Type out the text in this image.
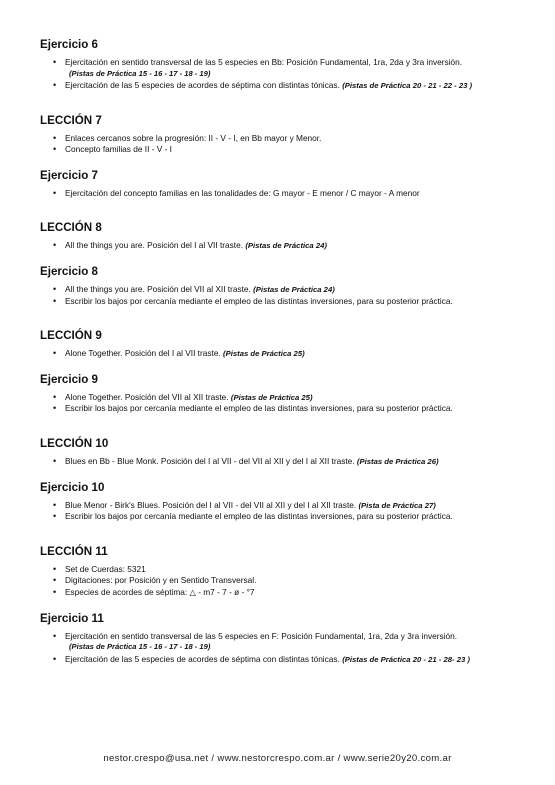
Ejercicio 6
• Ejercitación en sentido transversal de las 5 especies en Bb: Posición Fundamental, 1ra, 2da y 3ra inversión.
(Pistas de Práctica 15 - 16 - 17 - 18 - 19)
• Ejercitación de las 5 especies de acordes de séptima con distintas tónicas. (Pistas de Práctica 20 - 21 - 22 - 23 )
LECCIÓN 7
• Enlaces cercanos sobre la progresión: II - V - I, en Bb mayor y Menor.
• Concepto familias de II - V - I
Ejercicio 7
• Ejercitación del concepto familias en las tonalidades de: G mayor - E menor / C mayor - A menor
LECCIÓN 8
• All the things you are. Posición del I al VII traste. (Pistas de Práctica 24)
Ejercicio 8
• All the things you are. Posición del VII al XII traste. (Pistas de Práctica 24)
• Escribir los bajos por cercanía mediante el empleo de las distintas inversiones, para su posterior práctica.
LECCIÓN 9
• Alone Together. Posición del I al VII traste. (Pistas de Práctica 25)
Ejercicio 9
• Alone Together. Posición del VII al XII traste. (Pistas de Práctica 25)
• Escribir los bajos por cercanía mediante el empleo de las distintas inversiones, para su posterior práctica.
LECCIÓN 10
• Blues en Bb - Blue Monk. Posición del I al VII - del VII al XII y del I al XII traste. (Pistas de Práctica 26)
Ejercicio 10
• Blue Menor - Birk's Blues. Posición del I al VII - del VII al XII y del I al XII traste. (Pista de Práctica 27)
• Escribir los bajos por cercanía mediante el empleo de las distintas inversiones, para su posterior práctica.
LECCIÓN 11
• Set de Cuerdas: 5321
• Digitaciones: por Posición y en Sentido Transversal.
• Especies de acordes de séptima: △ - m7 - 7 - ø - °7
Ejercicio 11
• Ejercitación en sentido transversal de las 5 especies en F: Posición Fundamental, 1ra, 2da y 3ra inversión.
(Pistas de Práctica 15 - 16 - 17 - 18 - 19)
• Ejercitación de las 5 especies de acordes de séptima con distintas tónicas. (Pistas de Práctica 20 - 21 - 28- 23 )
nestor.crespo@usa.net / www.nestorcrespo.com.ar / www.serie20y20.com.ar
